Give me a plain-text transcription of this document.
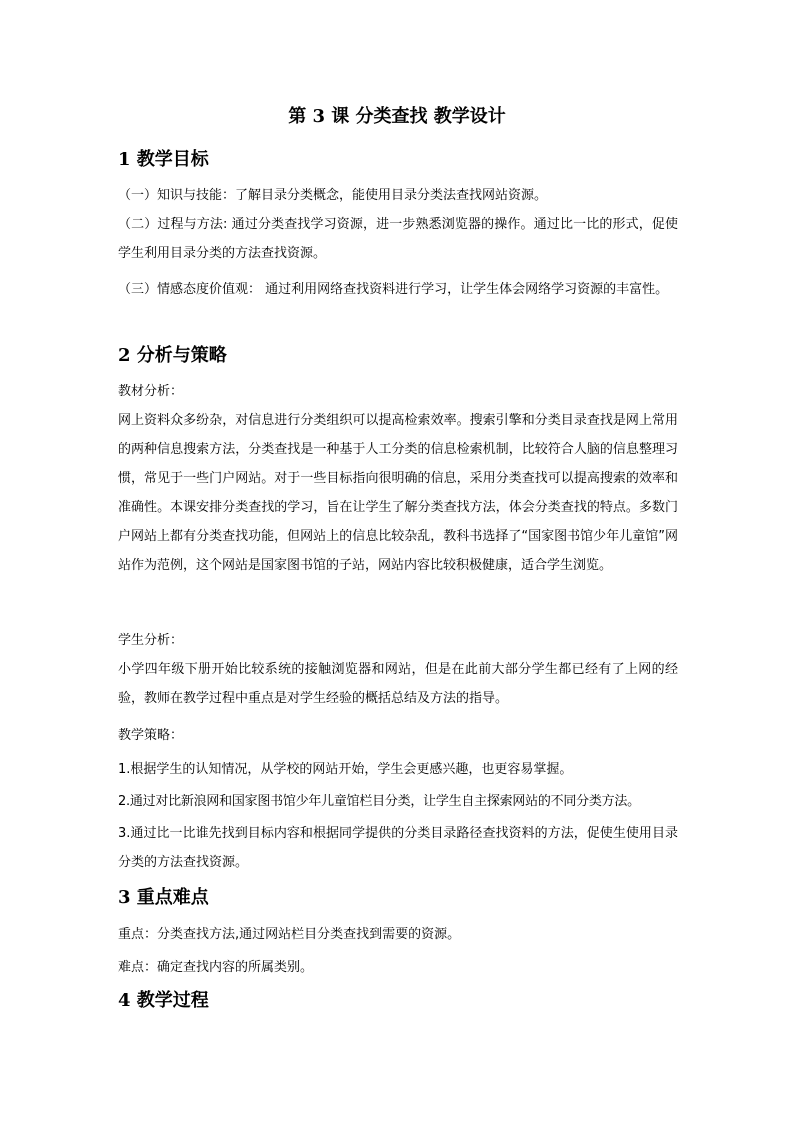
第 3 课 分类查找 教学设计
1 教学目标
（一）知识与技能：了解目录分类概念，能使用目录分类法查找网站资源。
（二）过程与方法: 通过分类查找学习资源，进一步熟悉浏览器的操作。通过比一比的形式，促使学生利用目录分类的方法查找资源。
（三）情感态度价值观： 通过利用网络查找资料进行学习，让学生体会网络学习资源的丰富性。
2 分析与策略
教材分析：
网上资料众多纷杂，对信息进行分类组织可以提高检索效率。搜索引擎和分类目录查找是网上常用的两种信息搜索方法，分类查找是一种基于人工分类的信息检索机制，比较符合人脑的信息整理习惯，常见于一些门户网站。对于一些目标指向很明确的信息，采用分类查找可以提高搜索的效率和准确性。本课安排分类查找的学习，旨在让学生了解分类查找方法，体会分类查找的特点。多数门户网站上都有分类查找功能，但网站上的信息比较杂乱，教科书选择了“国家图书馆少年儿童馆”网站作为范例，这个网站是国家图书馆的子站，网站内容比较积极健康，适合学生浏览。
学生分析：
小学四年级下册开始比较系统的接触浏览器和网站，但是在此前大部分学生都已经有了上网的经验，教师在教学过程中重点是对学生经验的概括总结及方法的指导。
教学策略：
1.根据学生的认知情况，从学校的网站开始，学生会更感兴趣，也更容易掌握。
2.通过对比新浪网和国家图书馆少年儿童馆栏目分类，让学生自主探索网站的不同分类方法。
3.通过比一比谁先找到目标内容和根据同学提供的分类目录路径查找资料的方法，促使生使用目录分类的方法查找资源。
3 重点难点
重点：分类查找方法,通过网站栏目分类查找到需要的资源。
难点：确定查找内容的所属类别。
4 教学过程
